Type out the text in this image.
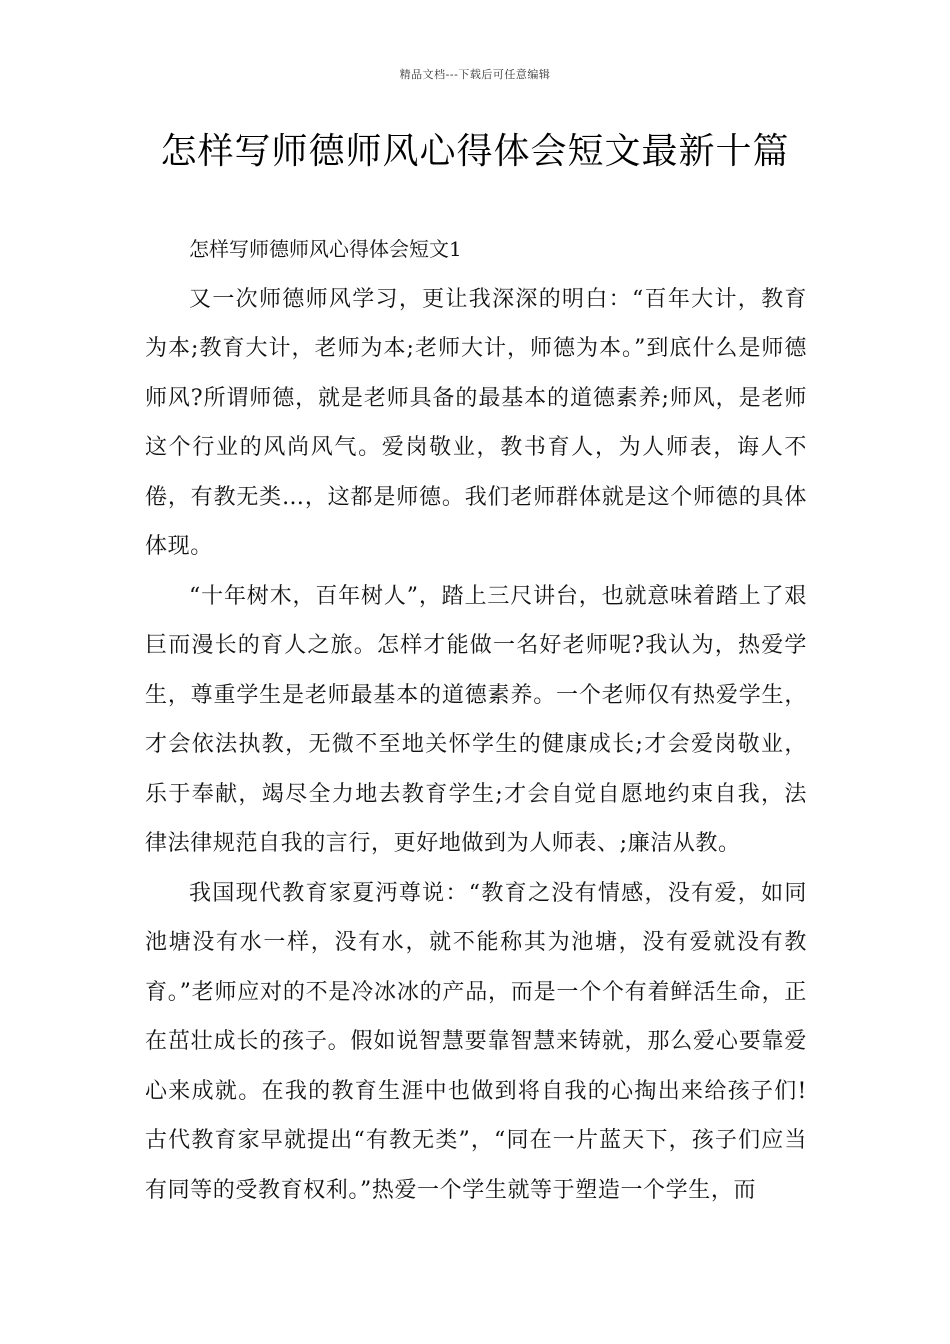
精品文档---下载后可任意编辑
怎样写师德师风心得体会短文最新十篇

怎样写师德师风心得体会短文1

又一次师德师风学习，更让我深深的明白：“百年大计，教育为本;教育大计，老师为本;老师大计，师德为本。”到底什么是师德师风?所谓师德，就是老师具备的最基本的道德素养;师风，是老师这个行业的风尚风气。爱岗敬业，教书育人，为人师表，诲人不倦，有教无类…，这都是师德。我们老师群体就是这个师德的具体体现。

“十年树木，百年树人”，踏上三尺讲台，也就意味着踏上了艰巨而漫长的育人之旅。怎样才能做一名好老师呢?我认为，热爱学生，尊重学生是老师最基本的道德素养。一个老师仅有热爱学生，才会依法执教，无微不至地关怀学生的健康成长;才会爱岗敬业，乐于奉献，竭尽全力地去教育学生;才会自觉自愿地约束自我，法律法律规范自我的言行，更好地做到为人师表、;廉洁从教。

我国现代教育家夏沔尊说：“教育之没有情感，没有爱，如同池塘没有水一样，没有水，就不能称其为池塘，没有爱就没有教育。”老师应对的不是冷冰冰的产品，而是一个个有着鲜活生命，正在茁壮成长的孩子。假如说智慧要靠智慧来铸就，那么爱心要靠爱心来成就。在我的教育生涯中也做到将自我的心掏出来给孩子们!古代教育家早就提出“有教无类”，“同在一片蓝天下，孩子们应当有同等的受教育权利。”热爱一个学生就等于塑造一个学生，而
